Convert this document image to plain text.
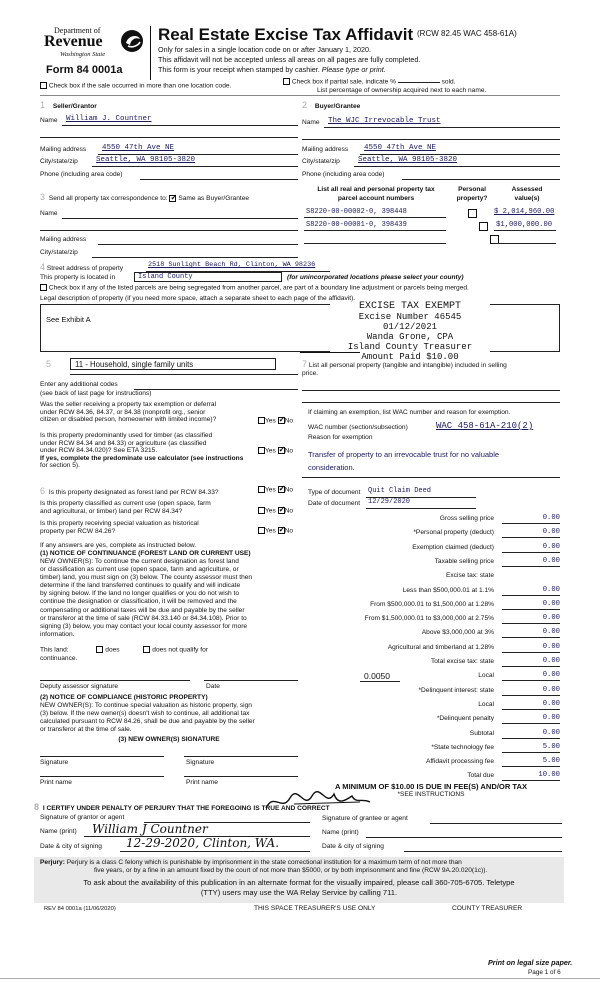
Department of
Revenue
Washington State
Form 84 0001a
Real Estate Excise Tax Affidavit (RCW 82.45 WAC 458-61A)
Only for sales in a single location code on or after January 1, 2020.
This affidavit will not be accepted unless all areas on all pages are fully completed.
This form is your receipt when stamped by cashier. Please type or print.
Check box if the sale occurred in more than one location code.
Check box if partial sale, indicate %	sold.
List percentage of ownership acquired next to each name.
1 Seller/Grantor
Name William J. Countner
Mailing address 4550 47th Ave NE
City/state/zip Seattle, WA 98105-3820
Phone (including area code)
2 Buyer/Grantee
Name The WJC Irrevocable Trust
Mailing address 4550 47th Ave NE
City/state/zip Seattle, WA 98105-3820
Phone (including area code)
3 Send all property tax correspondence to: ✓ Same as Buyer/Grantee
Name
Mailing address
City/state/zip
List all real and personal property tax
parcel account numbers
Personal
property?
Assessed
value(s)
S8220-00-00002-0, 398448
	$ 2,014,960.00
S8220-00-00001-0, 398439
	$1,000,000.00
4 Street address of property	2518 Sunlight Beach Rd, Clinton, WA 98236
This property is located in	Island County	(for unincorporated locations please select your county)
Check box if any of the listed parcels are being segregated from another parcel, are part of a boundary line adjustment or parcels being merged.
Legal description of property (if you need more space, attach a separate sheet to each page of the affidavit).
See Exhibit A
EXCISE TAX EXEMPT
Excise Number 46545
01/12/2021
Wanda Grone, CPA
Island County Treasurer
Amount Paid $10.00
5	11 - Household, single family units
Enter any additional codes
(see back of last page for instructions)
Was the seller receiving a property tax exemption or deferral
under RCW 84.36, 84.37, or 84.38 (nonprofit org., senior
citizen or disabled person, homeowner with limited income)?	Yes ✓ No
Is this property predominantly used for timber (as classified
under RCW 84.34 and 84.33) or agriculture (as classified
under RCW 84.34.020)? See ETA 3215.
If yes, complete the predominate use calculator (see instructions
for section 5).
Yes ✓ No
6 Is this property designated as forest land per RCW 84.33?	Yes ✓ No
Is this property classified as current use (open space, farm
and agricultural, or timber) land per RCW 84.34?	Yes ✓ No
Is this property receiving special valuation as historical
property per RCW 84.26?	Yes ✓ No
If any answers are yes, complete as instructed below.
(1) NOTICE OF CONTINUANCE (FOREST LAND OR CURRENT USE)
NEW OWNER(S): To continue the current designation as forest land
or classification as current use (open space, farm and agriculture, or
timber) land, you must sign on (3) below. The county assessor must then
determine if the land transferred continues to qualify and will indicate
by signing below. If the land no longer qualifies or you do not wish to
continue the designation or classification, it will be removed and the
compensating or additional taxes will be due and payable by the seller
or transferor at the time of sale (RCW 84.33.140 or 84.34.108). Prior to
signing (3) below, you may contact your local county assessor for more
information.
This land:	does	does not qualify for
continuance.
Deputy assessor signature	Date
(2) NOTICE OF COMPLIANCE (HISTORIC PROPERTY)
NEW OWNER(S): To continue special valuation as historic property, sign
(3) below. If the new owner(s) doesn't wish to continue, all additional tax
calculated pursuant to RCW 84.26, shall be due and payable by the seller
or transferor at the time of sale.
(3) NEW OWNER(S) SIGNATURE
Signature	Signature
Print name	Print name
7 List all personal property (tangible and intangible) included in selling
price.
If claiming an exemption, list WAC number and reason for exemption.
WAC number (section/subsection)	WAC 458-61A-210(2)
Reason for exemption
Transfer of property to an irrevocable trust for no valuable
consideration.
Type of document Quit Claim Deed
Date of document 12/29/2020
Gross selling price	0.00
*Personal property (deduct)	0.00
Exemption claimed (deduct)	0.00
Taxable selling price	0.00
Excise tax: state
Less than $500,000.01 at 1.1%	0.00
From $500,000.01 to $1,500,000 at 1.28%	0.00
From $1,500,000.01 to $3,000,000 at 2.75%	0.00
Above $3,000,000 at 3%	0.00
Agricultural and timberland at 1.28%	0.00
Total excise tax: state	0.00
Local
0.0050	0.00
*Delinquent interest: state	0.00
Local	0.00
*Delinquent penalty	0.00
Subtotal	0.00
*State technology fee	5.00
Affidavit processing fee	5.00
Total due	10.00
A MINIMUM OF $10.00 IS DUE IN FEE(S) AND/OR TAX
*SEE INSTRUCTIONS
8 I CERTIFY UNDER PENALTY OF PERJURY THAT THE FOREGOING IS TRUE AND CORRECT
Signature of grantor or agent
Name (print) William J Countner
Date & city of signing 12-29-2020, Clinton, WA.
Signature of grantee or agent
Name (print)
Date & city of signing
Perjury: Perjury is a class C felony which is punishable by imprisonment in the state correctional institution for a maximum term of not more than
five years, or by a fine in an amount fixed by the court of not more than $5000, or by both imprisonment and fine (RCW 9A.20.020(1c)).
To ask about the availability of this publication in an alternate format for the visually impaired, please call 360-705-6705. Teletype
(TTY) users may use the WA Relay Service by calling 711.
REV 84 0001a (11/06/2020)	THIS SPACE TREASURER'S USE ONLY	COUNTY TREASURER
Print on legal size paper.
Page 1 of 6
